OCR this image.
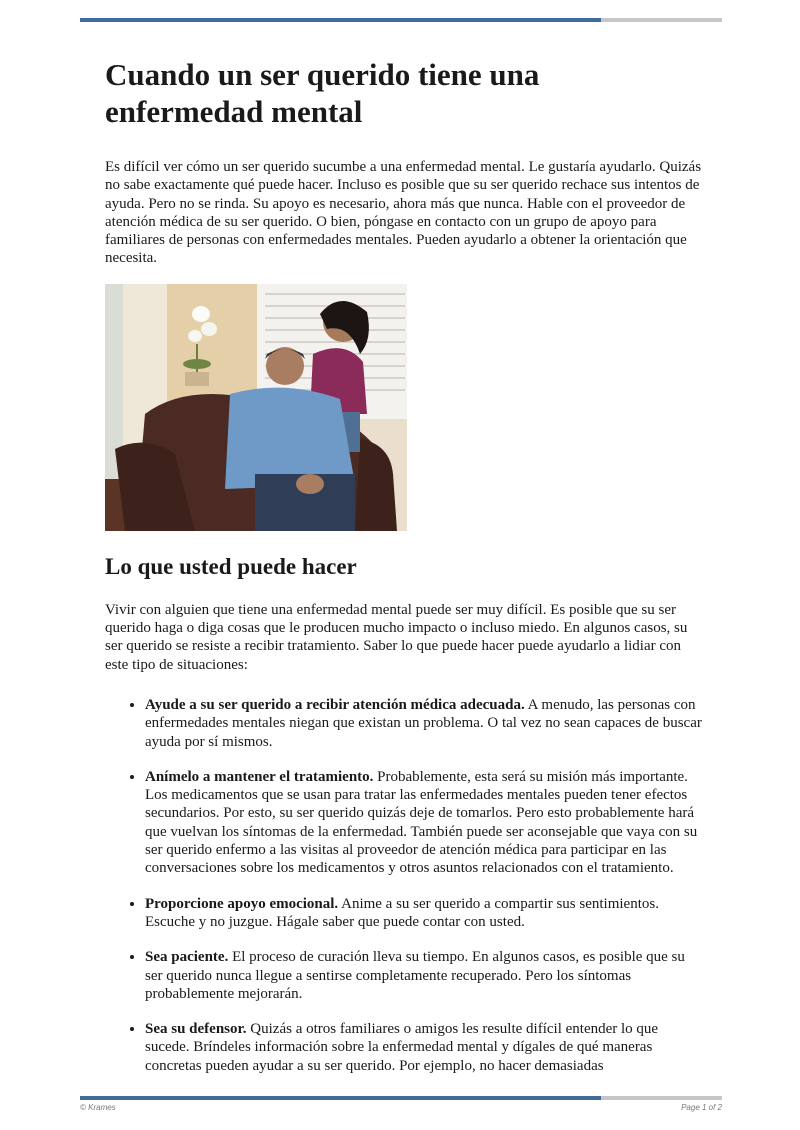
Cuando un ser querido tiene una enfermedad mental

Es difícil ver cómo un ser querido sucumbe a una enfermedad mental. Le gustaría ayudarlo. Quizás no sabe exactamente qué puede hacer. Incluso es posible que su ser querido rechace sus intentos de ayuda. Pero no se rinda. Su apoyo es necesario, ahora más que nunca. Hable con el proveedor de atención médica de su ser querido. O bien, póngase en contacto con un grupo de apoyo para familiares de personas con enfermedades mentales. Pueden ayudarlo a obtener la orientación que necesita.

Lo que usted puede hacer

Vivir con alguien que tiene una enfermedad mental puede ser muy difícil. Es posible que su ser querido haga o diga cosas que le producen mucho impacto o incluso miedo. En algunos casos, su ser querido se resiste a recibir tratamiento. Saber lo que puede hacer puede ayudarlo a lidiar con este tipo de situaciones:

• Ayude a su ser querido a recibir atención médica adecuada. A menudo, las personas con enfermedades mentales niegan que existan un problema. O tal vez no sean capaces de buscar ayuda por sí mismos.
• Anímelo a mantener el tratamiento. Probablemente, esta será su misión más importante. Los medicamentos que se usan para tratar las enfermedades mentales pueden tener efectos secundarios. Por esto, su ser querido quizás deje de tomarlos. Pero esto probablemente hará que vuelvan los síntomas de la enfermedad. También puede ser aconsejable que vaya con su ser querido enfermo a las visitas al proveedor de atención médica para participar en las conversaciones sobre los medicamentos y otros asuntos relacionados con el tratamiento.
• Proporcione apoyo emocional. Anime a su ser querido a compartir sus sentimientos. Escuche y no juzgue. Hágale saber que puede contar con usted.
• Sea paciente. El proceso de curación lleva su tiempo. En algunos casos, es posible que su ser querido nunca llegue a sentirse completamente recuperado. Pero los síntomas probablemente mejorarán.
• Sea su defensor. Quizás a otros familiares o amigos les resulte difícil entender lo que sucede. Bríndeles información sobre la enfermedad mental y dígales de qué maneras concretas pueden ayudar a su ser querido. Por ejemplo, no hacer demasiadas
© Krames	Page 1 of 2
